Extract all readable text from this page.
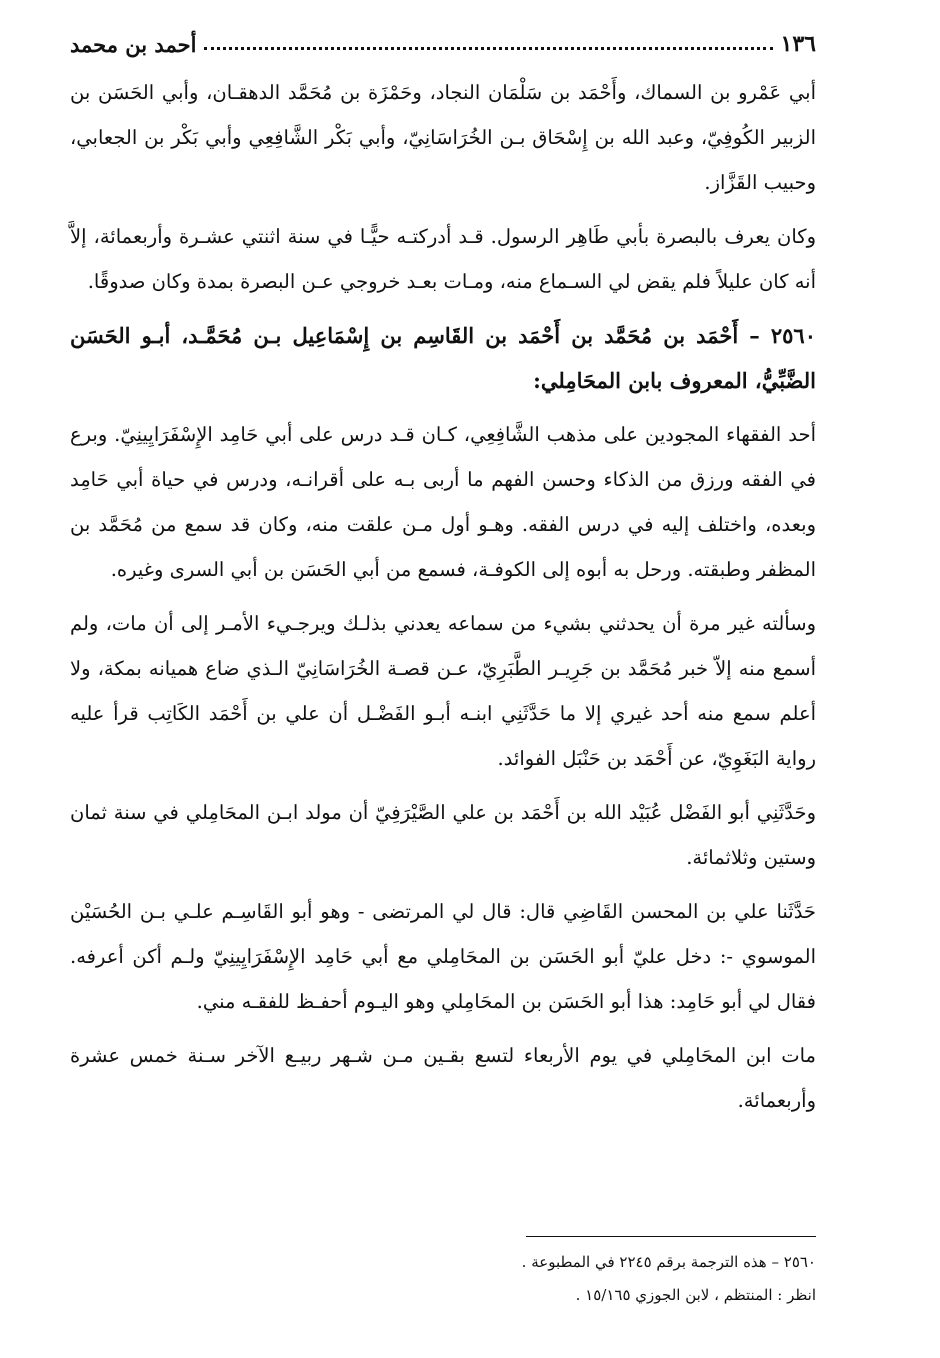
١٣٦
أحمد بن محمد

أبي عَمْرو بن السماك، وأَحْمَد بن سَلْمَان النجاد، وحَمْزَة بن مُحَمَّد الدهقـان، وأبي الحَسَن بن الزبير الكُوفِيّ، وعبد الله بن إِسْحَاق بـن الخُرَاسَانِيّ، وأبي بَكْر الشَّافِعِي وأبي بَكْر بن الجعابي، وحبيب القَزَّاز.

وكان يعرف بالبصرة بأبي طَاهِر الرسول. قـد أدركتـه حيًّـا في سنة اثنتي عشـرة وأربعمائة، إلاَّ أنه كان عليلاً فلم يقض لي السـماع منه، ومـات بعـد خروجي عـن البصرة بمدة وكان صدوقًا.

٢٥٦٠ – أَحْمَد بن مُحَمَّد بن أَحْمَد بن القَاسِم بن إِسْمَاعِيل بـن مُحَمَّـد، أبـو الحَسَن الضَّبِّيُّ، المعروف بابن المحَامِلي:

أحد الفقهاء المجودين على مذهب الشَّافِعِي، كـان قـد درس على أبي حَامِد الإِسْفَرَايِينِيّ. وبرع في الفقه ورزق من الذكاء وحسن الفهم ما أربى بـه على أقرانـه، ودرس في حياة أبي حَامِد وبعده، واختلف إليه في درس الفقه. وهـو أول مـن علقت منه، وكان قد سمع من مُحَمَّد بن المظفر وطبقته. ورحل به أبوه إلى الكوفـة، فسمع من أبي الحَسَن بن أبي السرى وغيره.

وسألته غير مرة أن يحدثني بشيء من سماعه يعدني بذلـك ويرجـيء الأمـر إلى أن مات، ولم أسمع منه إلاّ خبر مُحَمَّد بن جَرِيـر الطَّبَرِيّ، عـن قصـة الخُرَاسَانِيّ الـذي ضاع هميانه بمكة، ولا أعلم سمع منه أحد غيري إلا ما حَدَّثَنِي ابنـه أبـو الفَضْـل أن علي بن أَحْمَد الكَاتِب قرأ عليه رواية البَغَوِيّ، عن أَحْمَد بن حَنْبَل الفوائد.

وحَدَّثَنِي أبو الفَضْل عُبَيْد الله بن أَحْمَد بن علي الصَّيْرَفِيّ أن مولد ابـن المحَامِلي في سنة ثمان وستين وثلاثمائة.

حَدَّثَنا علي بن المحسن القَاضِي قال: قال لي المرتضى - وهو أبو القَاسِـم علـي بـن الحُسَيْن الموسوي -: دخل عليّ أبو الحَسَن بن المحَامِلي مع أبي حَامِد الإِسْفَرَايِينِيّ ولـم أكن أعرفه. فقال لي أبو حَامِد: هذا أبو الحَسَن بن المحَامِلي وهو اليـوم أحفـظ للفقـه مني.

مات ابن المحَامِلي في يوم الأربعاء لتسع بقـين مـن شـهر ربيـع الآخر سـنة خمس عشرة وأربعمائة.

٢٥٦٠ – هذه الترجمة برقم ٢٢٤٥ في المطبوعة .

انظر : المنتظم ، لابن الجوزي ١٥/١٦٥ .
